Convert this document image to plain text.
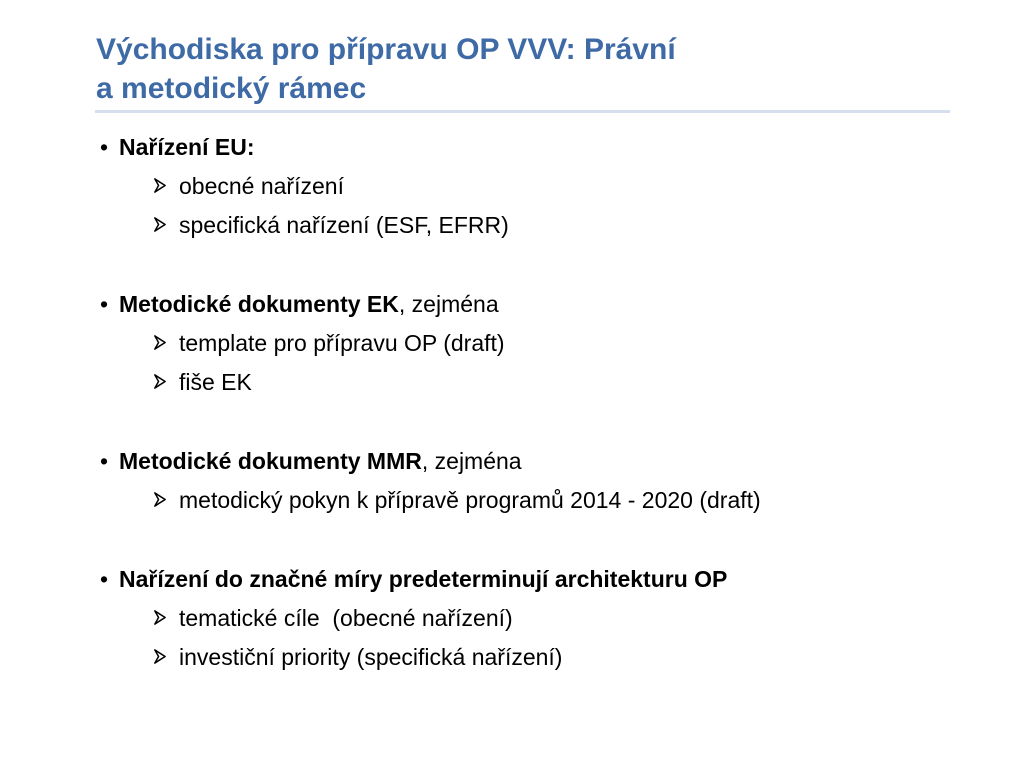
Východiska pro přípravu OP VVV: Právní
a metodický rámec
• Nařízení EU:
obecné nařízení
specifická nařízení (ESF, EFRR)
• Metodické dokumenty EK, zejména
template pro přípravu OP (draft)
fiše EK
• Metodické dokumenty MMR, zejména
metodický pokyn k přípravě programů 2014 - 2020 (draft)
• Nařízení do značné míry predeterminují architekturu OP
tematické cíle  (obecné nařízení)
investiční priority (specifická nařízení)
